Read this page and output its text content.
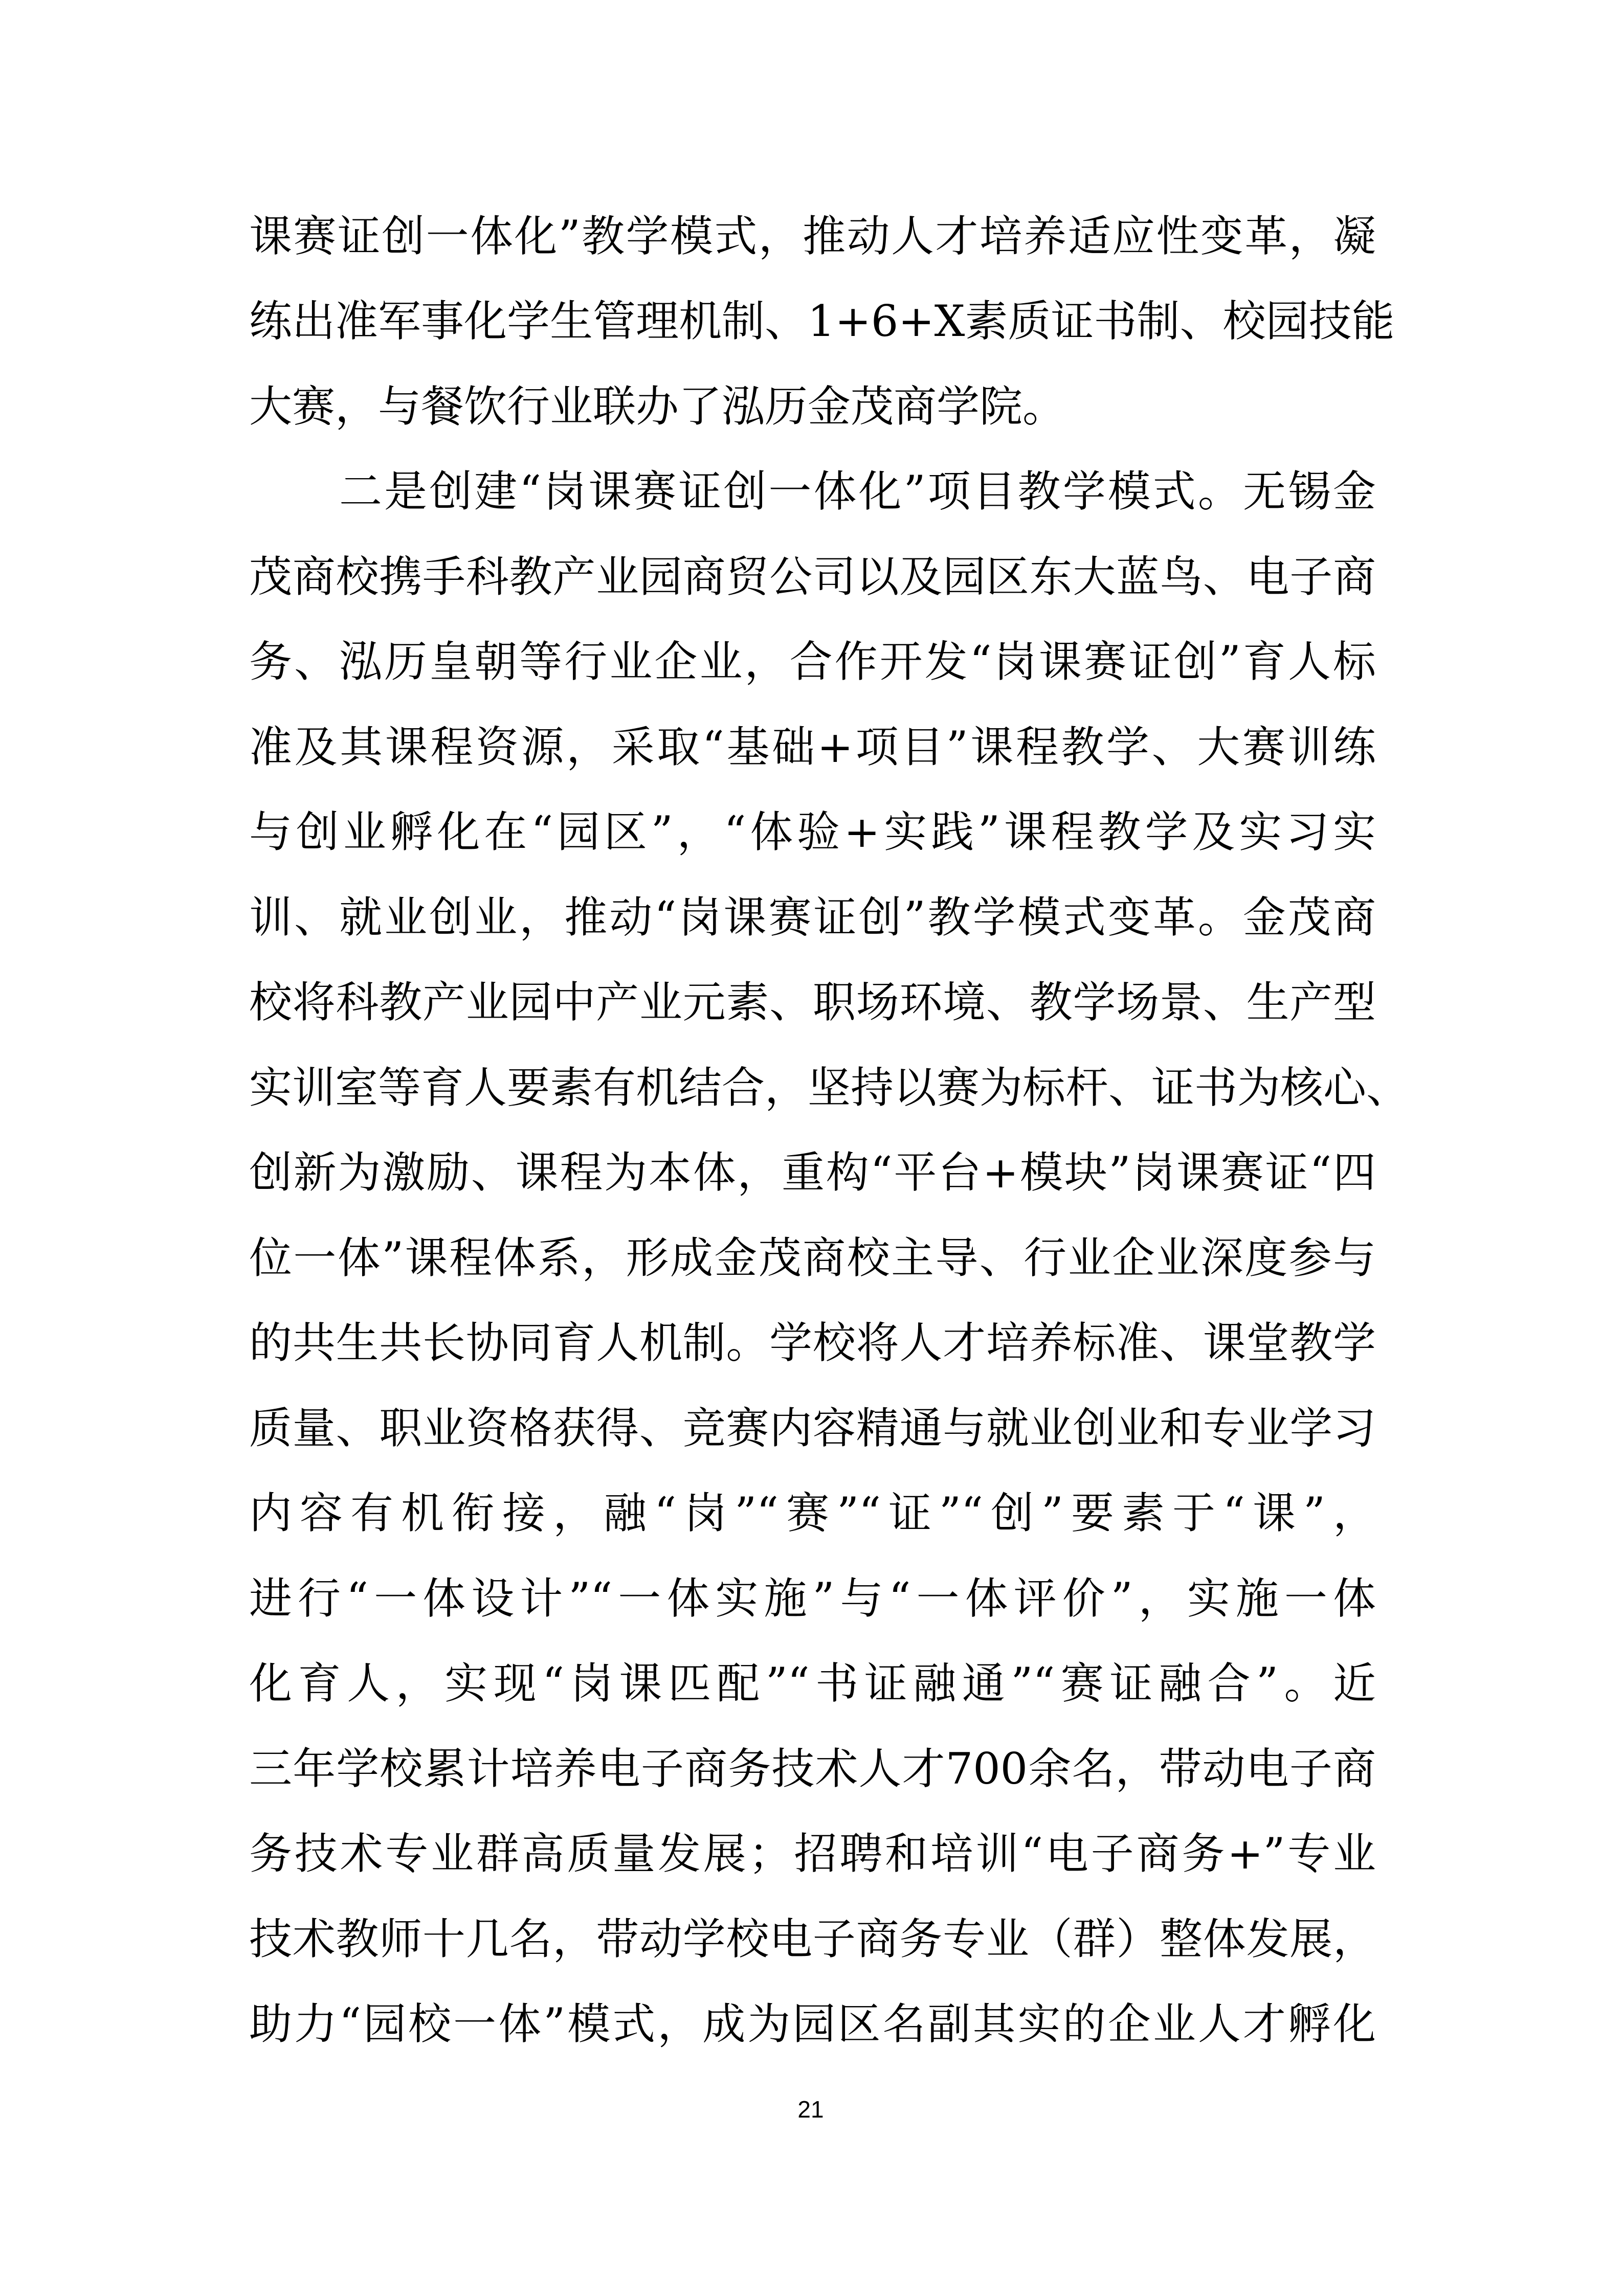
课赛证创一体化”教学模式，推动人才培养适应性变革，凝
练出准军事化学生管理机制、1+6+X素质证书制、校园技能
大赛，与餐饮行业联办了泓历金茂商学院。
二是创建“岗课赛证创一体化”项目教学模式。无锡金
茂商校携手科教产业园商贸公司以及园区东大蓝鸟、电子商
务、泓历皇朝等行业企业，合作开发“岗课赛证创”育人标
准及其课程资源，采取“基础+项目”课程教学、大赛训练
与创业孵化在“园区”，“体验+实践”课程教学及实习实
训、就业创业，推动“岗课赛证创”教学模式变革。金茂商
校将科教产业园中产业元素、职场环境、教学场景、生产型
实训室等育人要素有机结合，坚持以赛为标杆、证书为核心、
创新为激励、课程为本体，重构“平台+模块”岗课赛证“四
位一体”课程体系，形成金茂商校主导、行业企业深度参与
的共生共长协同育人机制。学校将人才培养标准、课堂教学
质量、职业资格获得、竞赛内容精通与就业创业和专业学习
内容有机衔接，融“岗”“赛”“证”“创”要素于“课”，
进行“一体设计”“一体实施”与“一体评价”，实施一体
化育人，实现“岗课匹配”“书证融通”“赛证融合”。近
三年学校累计培养电子商务技术人才700余名，带动电子商
务技术专业群高质量发展；招聘和培训“电子商务+”专业
技术教师十几名，带动学校电子商务专业（群）整体发展，
助力“园校一体”模式，成为园区名副其实的企业人才孵化
21
